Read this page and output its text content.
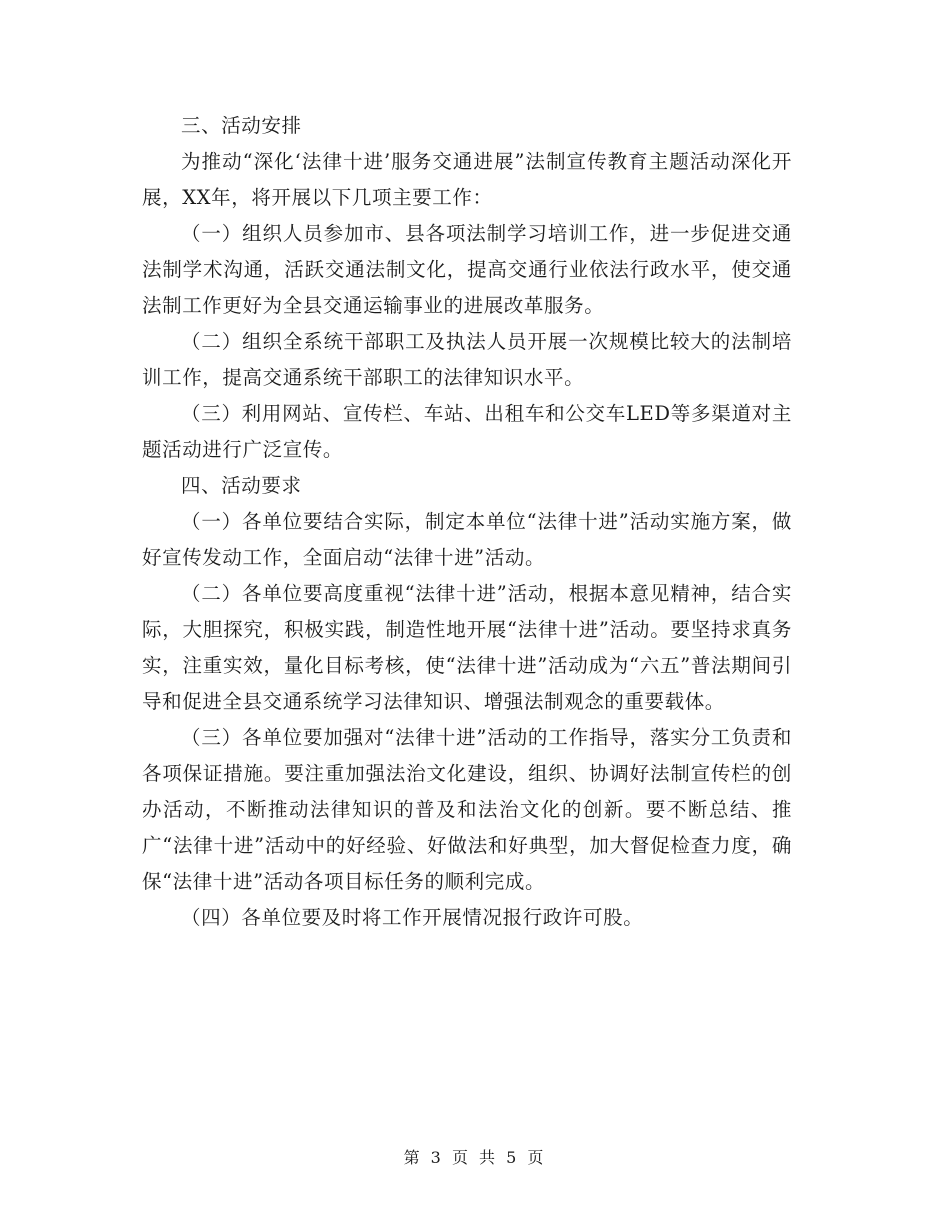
三、活动安排

为推动“深化‘法律十进’服务交通进展”法制宣传教育主题活动深化开展，XX年，将开展以下几项主要工作：

（一）组织人员参加市、县各项法制学习培训工作，进一步促进交通法制学术沟通，活跃交通法制文化，提高交通行业依法行政水平，使交通法制工作更好为全县交通运输事业的进展改革服务。

（二）组织全系统干部职工及执法人员开展一次规模比较大的法制培训工作，提高交通系统干部职工的法律知识水平。

（三）利用网站、宣传栏、车站、出租车和公交车LED等多渠道对主题活动进行广泛宣传。

四、活动要求

（一）各单位要结合实际，制定本单位“法律十进”活动实施方案，做好宣传发动工作，全面启动“法律十进”活动。

（二）各单位要高度重视“法律十进”活动，根据本意见精神，结合实际，大胆探究，积极实践，制造性地开展“法律十进”活动。要坚持求真务实，注重实效，量化目标考核，使“法律十进”活动成为“六五”普法期间引导和促进全县交通系统学习法律知识、增强法制观念的重要载体。

（三）各单位要加强对“法律十进”活动的工作指导，落实分工负责和各项保证措施。要注重加强法治文化建设，组织、协调好法制宣传栏的创办活动，不断推动法律知识的普及和法治文化的创新。要不断总结、推广“法律十进”活动中的好经验、好做法和好典型，加大督促检查力度，确保“法律十进”活动各项目标任务的顺利完成。

（四）各单位要及时将工作开展情况报行政许可股。

第 3 页 共 5 页
